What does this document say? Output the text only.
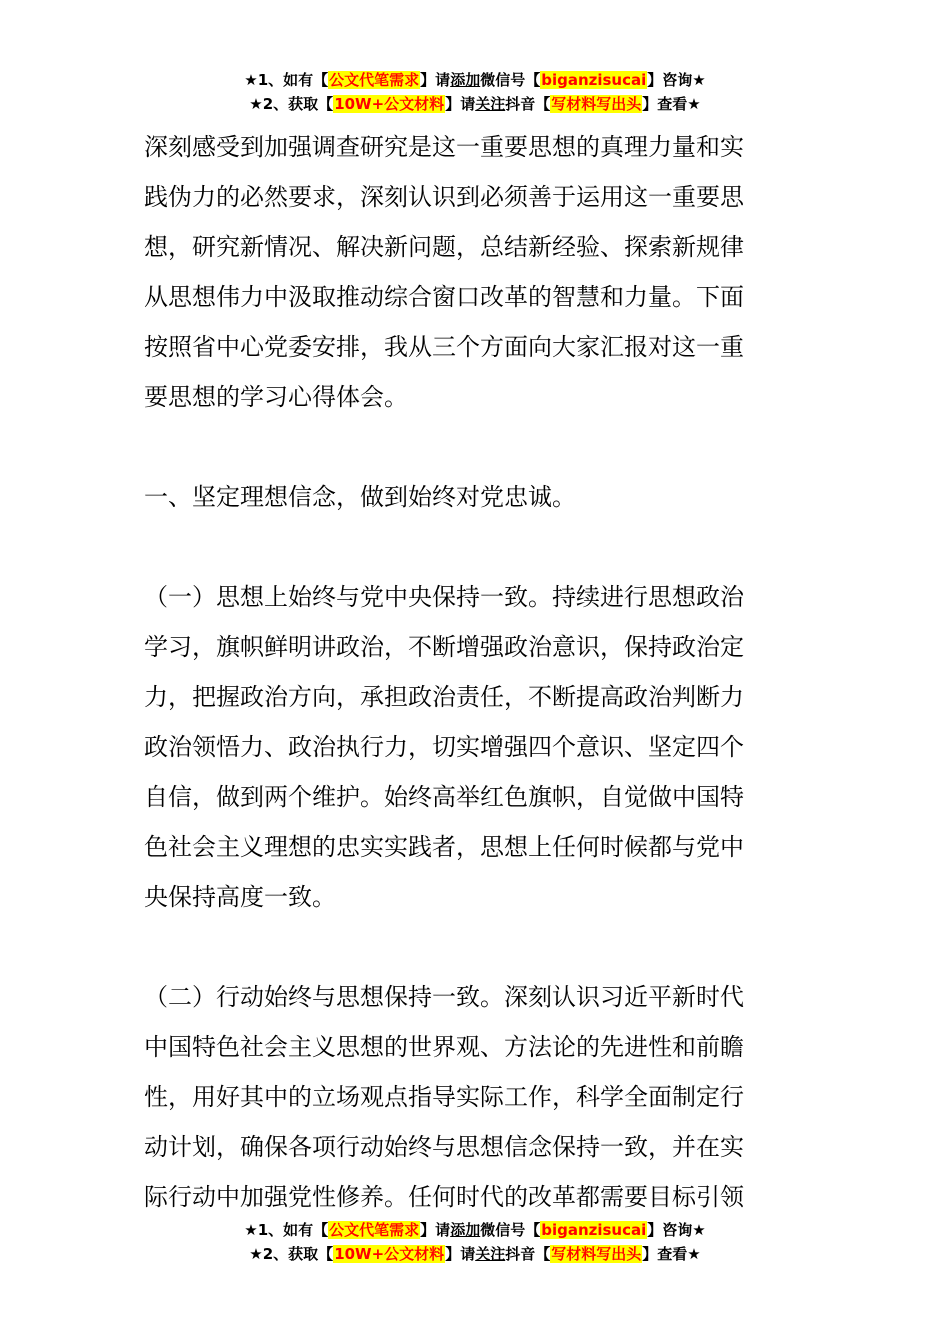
★1、如有【公文代笔需求】请添加微信号【biganzisucai】咨询★
★2、获取【10W+公文材料】请关注抖音【写材料写出头】查看★

深刻感受到加强调查研究是这一重要思想的真理力量和实

践伪力的必然要求，深刻认识到必须善于运用这一重要思

想，研究新情况、解决新问题，总结新经验、探索新规律

从思想伟力中汲取推动综合窗口改革的智慧和力量。下面

按照省中心党委安排，我从三个方面向大家汇报对这一重

要思想的学习心得体会。

一、坚定理想信念，做到始终对党忠诚。

（一）思想上始终与党中央保持一致。持续进行思想政治

学习，旗帜鲜明讲政治，不断增强政治意识，保持政治定

力，把握政治方向，承担政治责任，不断提高政治判断力

政治领悟力、政治执行力，切实增强四个意识、坚定四个

自信，做到两个维护。始终高举红色旗帜，自觉做中国特

色社会主义理想的忠实实践者，思想上任何时候都与党中

央保持高度一致。

（二）行动始终与思想保持一致。深刻认识习近平新时代

中国特色社会主义思想的世界观、方法论的先进性和前瞻

性，用好其中的立场观点指导实际工作，科学全面制定行

动计划，确保各项行动始终与思想信念保持一致，并在实

际行动中加强党性修养。任何时代的改革都需要目标引领

★1、如有【公文代笔需求】请添加微信号【biganzisucai】咨询★
★2、获取【10W+公文材料】请关注抖音【写材料写出头】查看★
